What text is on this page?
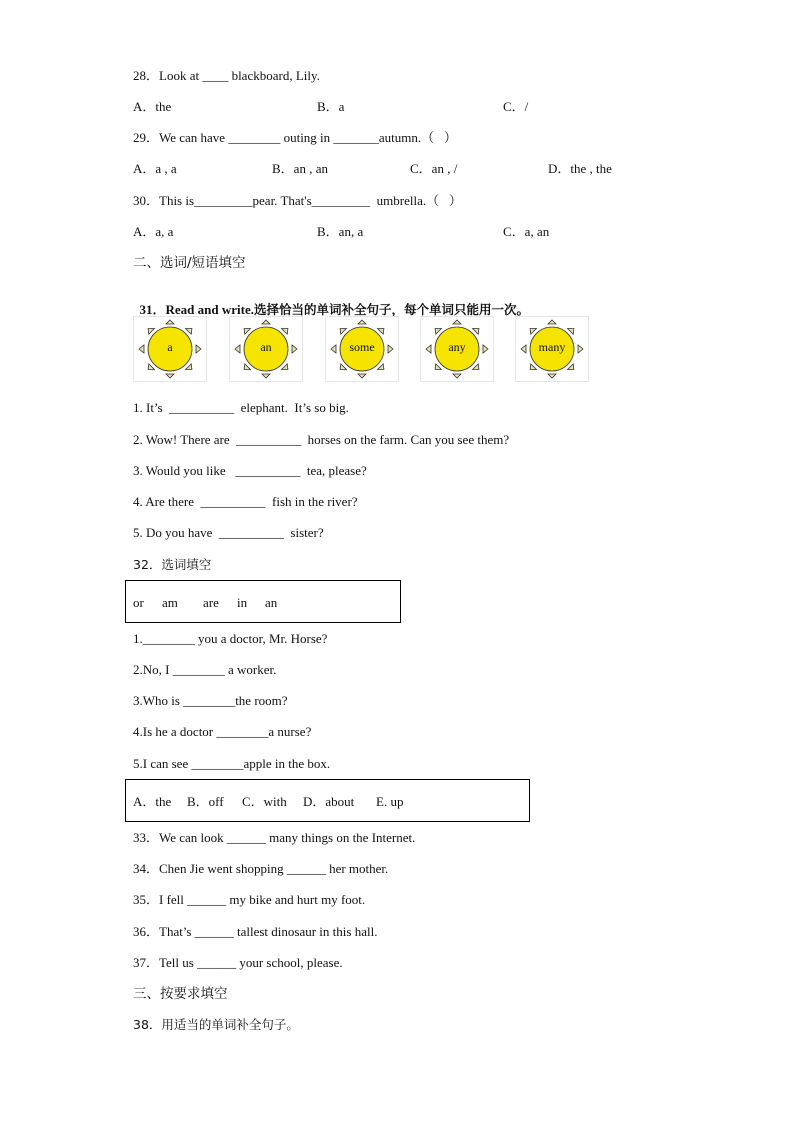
28．Look at ____ blackboard, Lily.
A．the	B．a	C．/
29．We can have ________ outing in _______autumn.（   ）
A．a , a	B．an , an	C．an , /	D．the , the
30．This is_________pear. That's_________  umbrella.（   ）
A．a, a	B．an, a	C．a, an
二、选词/短语填空

31．Read and write.选择恰当的单词补全句子，每个单词只能用一次。

a	an	some	any	many
1. It’s  __________  elephant.  It’s so big.
2. Wow! There are  __________  horses on the farm. Can you see them?
3. Would you like   __________  tea, please?
4. Are there  __________  fish in the river?
5. Do you have  __________  sister?
32．选词填空
or am are in an
1.________ you a doctor, Mr. Horse?
2.No, I ________ a worker.
3.Who is ________the room?
4.Is he a doctor ________a nurse?
5.I can see ________apple in the box.
A．the B．off C．with D．about E. up
33．We can look ______ many things on the Internet.
34．Chen Jie went shopping ______ her mother.
35．I fell ______ my bike and hurt my foot.
36．That’s ______ tallest dinosaur in this hall.
37．Tell us ______ your school, please.
三、按要求填空
38．用适当的单词补全句子。
